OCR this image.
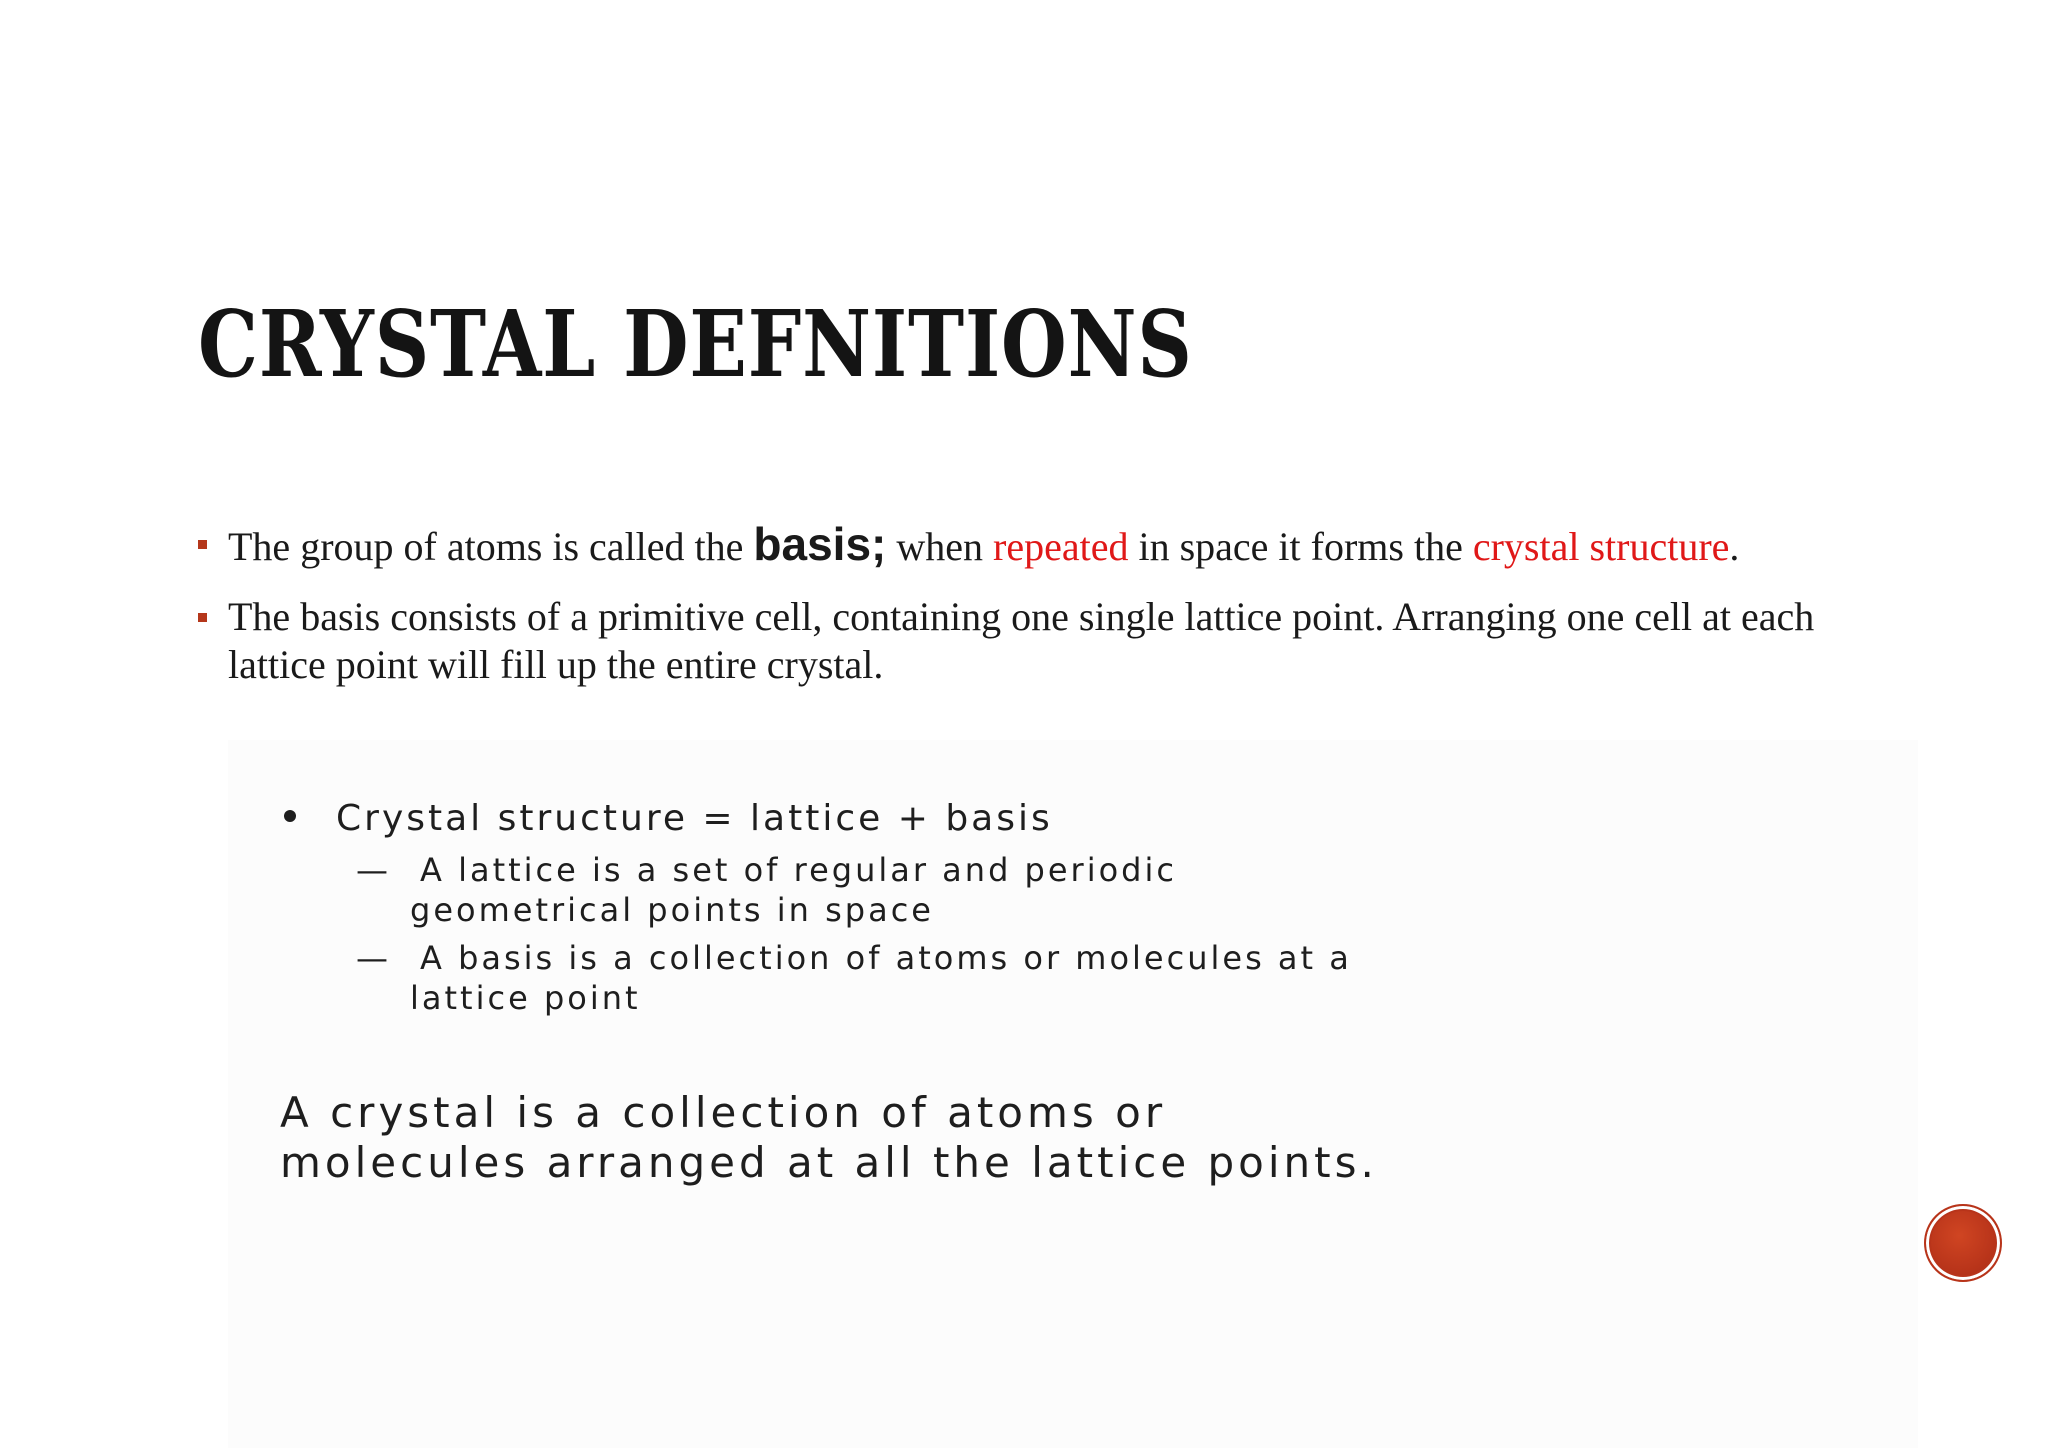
CRYSTAL DEFNITIONS
The group of atoms is called the basis; when repeated in space it forms the crystal structure.
The basis consists of a primitive cell, containing one single lattice point. Arranging one cell at each lattice point will fill up the entire crystal.
Crystal structure = lattice + basis
— A lattice is a set of regular and periodic
geometrical points in space
— A basis is a collection of atoms or molecules at a
lattice point
A crystal is a collection of atoms or
molecules arranged at all the lattice points.
